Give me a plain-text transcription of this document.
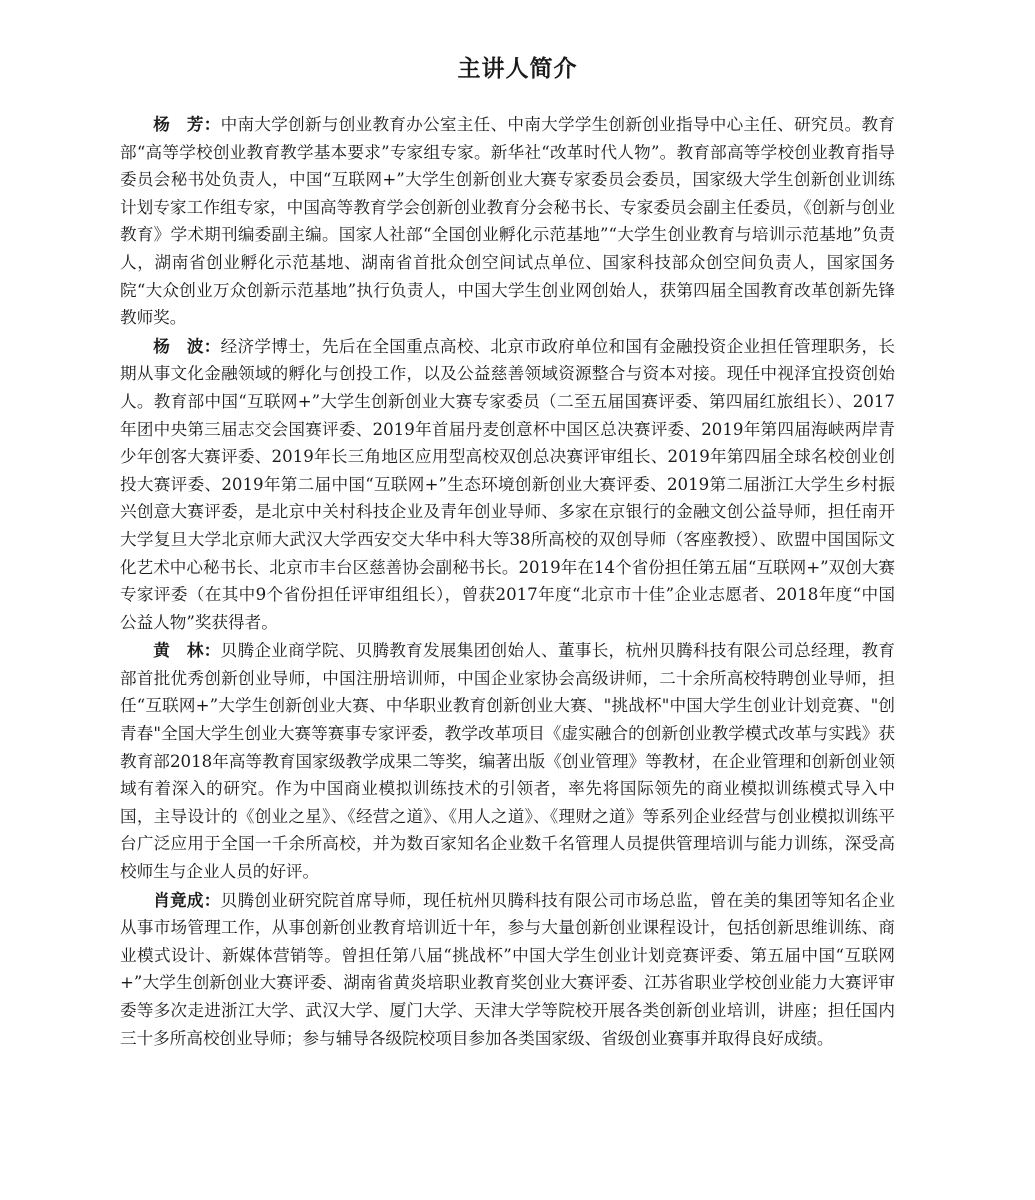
主讲人简介

杨　芳：中南大学创新与创业教育办公室主任、中南大学学生创新创业指导中心主任、研究员。教育部“高等学校创业教育教学基本要求”专家组专家。新华社“改革时代人物”。教育部高等学校创业教育指导委员会秘书处负责人，中国“互联网+”大学生创新创业大赛专家委员会委员，国家级大学生创新创业训练计划专家工作组专家，中国高等教育学会创新创业教育分会秘书长、专家委员会副主任委员，《创新与创业教育》学术期刊编委副主编。国家人社部“全国创业孵化示范基地”“大学生创业教育与培训示范基地”负责人，湖南省创业孵化示范基地、湖南省首批众创空间试点单位、国家科技部众创空间负责人，国家国务院“大众创业万众创新示范基地”执行负责人，中国大学生创业网创始人，获第四届全国教育改革创新先锋教师奖。

杨　波：经济学博士，先后在全国重点高校、北京市政府单位和国有金融投资企业担任管理职务，长期从事文化金融领域的孵化与创投工作，以及公益慈善领域资源整合与资本对接。现任中视泽宜投资创始人。教育部中国“互联网+”大学生创新创业大赛专家委员（二至五届国赛评委、第四届红旅组长）、2017年团中央第三届志交会国赛评委、2019年首届丹麦创意杯中国区总决赛评委、2019年第四届海峡两岸青少年创客大赛评委、2019年长三角地区应用型高校双创总决赛评审组长、2019年第四届全球名校创业创投大赛评委、2019年第二届中国“互联网+”生态环境创新创业大赛评委、2019第二届浙江大学生乡村振兴创意大赛评委，是北京中关村科技企业及青年创业导师、多家在京银行的金融文创公益导师，担任南开大学复旦大学北京师大武汉大学西安交大华中科大等38所高校的双创导师（客座教授）、欧盟中国国际文化艺术中心秘书长、北京市丰台区慈善协会副秘书长。2019年在14个省份担任第五届“互联网+”双创大赛专家评委（在其中9个省份担任评审组组长），曾获2017年度“北京市十佳”企业志愿者、2018年度“中国公益人物”奖获得者。

黄　林：贝腾企业商学院、贝腾教育发展集团创始人、董事长，杭州贝腾科技有限公司总经理，教育部首批优秀创新创业导师，中国注册培训师，中国企业家协会高级讲师，二十余所高校特聘创业导师，担任“互联网+”大学生创新创业大赛、中华职业教育创新创业大赛、"挑战杯"中国大学生创业计划竞赛、"创青春"全国大学生创业大赛等赛事专家评委，教学改革项目《虚实融合的创新创业教学模式改革与实践》获教育部2018年高等教育国家级教学成果二等奖，编著出版《创业管理》等教材，在企业管理和创新创业领域有着深入的研究。作为中国商业模拟训练技术的引领者，率先将国际领先的商业模拟训练模式导入中国，主导设计的《创业之星》、《经营之道》、《用人之道》、《理财之道》等系列企业经营与创业模拟训练平台广泛应用于全国一千余所高校，并为数百家知名企业数千名管理人员提供管理培训与能力训练，深受高校师生与企业人员的好评。

肖竟成：贝腾创业研究院首席导师，现任杭州贝腾科技有限公司市场总监，曾在美的集团等知名企业从事市场管理工作，从事创新创业教育培训近十年，参与大量创新创业课程设计，包括创新思维训练、商业模式设计、新媒体营销等。曾担任第八届“挑战杯”中国大学生创业计划竞赛评委、第五届中国“互联网+”大学生创新创业大赛评委、湖南省黄炎培职业教育奖创业大赛评委、江苏省职业学校创业能力大赛评审委等多次走进浙江大学、武汉大学、厦门大学、天津大学等院校开展各类创新创业培训，讲座；担任国内三十多所高校创业导师；参与辅导各级院校项目参加各类国家级、省级创业赛事并取得良好成绩。
